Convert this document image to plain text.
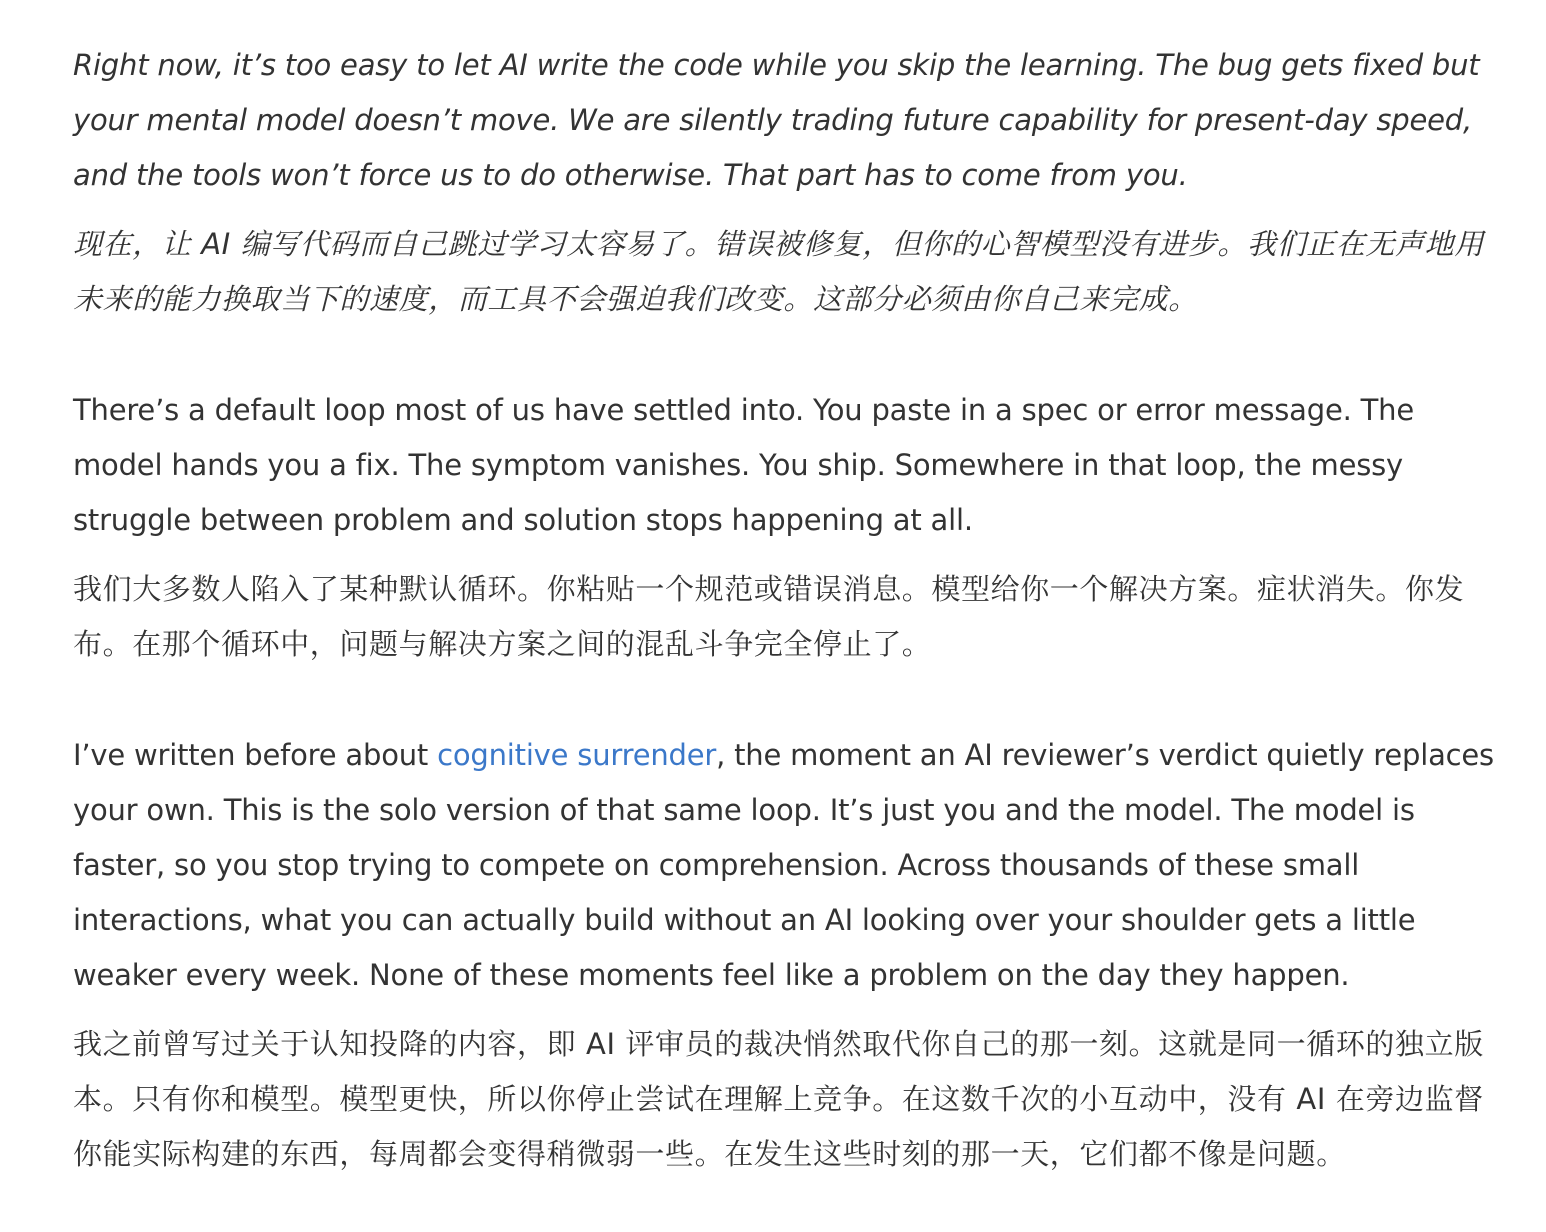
Right now, it’s too easy to let AI write the code while you skip the learning. The bug gets fixed but your mental model doesn’t move. We are silently trading future capability for present-day speed, and the tools won’t force us to do otherwise. That part has to come from you.

现在，让 AI 编写代码而自己跳过学习太容易了。错误被修复，但你的心智模型没有进步。我们正在无声地用未来的能力换取当下的速度，而工具不会强迫我们改变。这部分必须由你自己来完成。

There’s a default loop most of us have settled into. You paste in a spec or error message. The model hands you a fix. The symptom vanishes. You ship. Somewhere in that loop, the messy struggle between problem and solution stops happening at all.

我们大多数人陷入了某种默认循环。你粘贴一个规范或错误消息。模型给你一个解决方案。症状消失。你发布。在那个循环中，问题与解决方案之间的混乱斗争完全停止了。

I’ve written before about cognitive surrender, the moment an AI reviewer’s verdict quietly replaces your own. This is the solo version of that same loop. It’s just you and the model. The model is faster, so you stop trying to compete on comprehension. Across thousands of these small interactions, what you can actually build without an AI looking over your shoulder gets a little weaker every week. None of these moments feel like a problem on the day they happen.

我之前曾写过关于认知投降的内容，即 AI 评审员的裁决悄然取代你自己的那一刻。这就是同一循环的独立版本。只有你和模型。模型更快，所以你停止尝试在理解上竞争。在这数千次的小互动中，没有 AI 在旁边监督你能实际构建的东西，每周都会变得稍微弱一些。在发生这些时刻的那一天，它们都不像是问题。
